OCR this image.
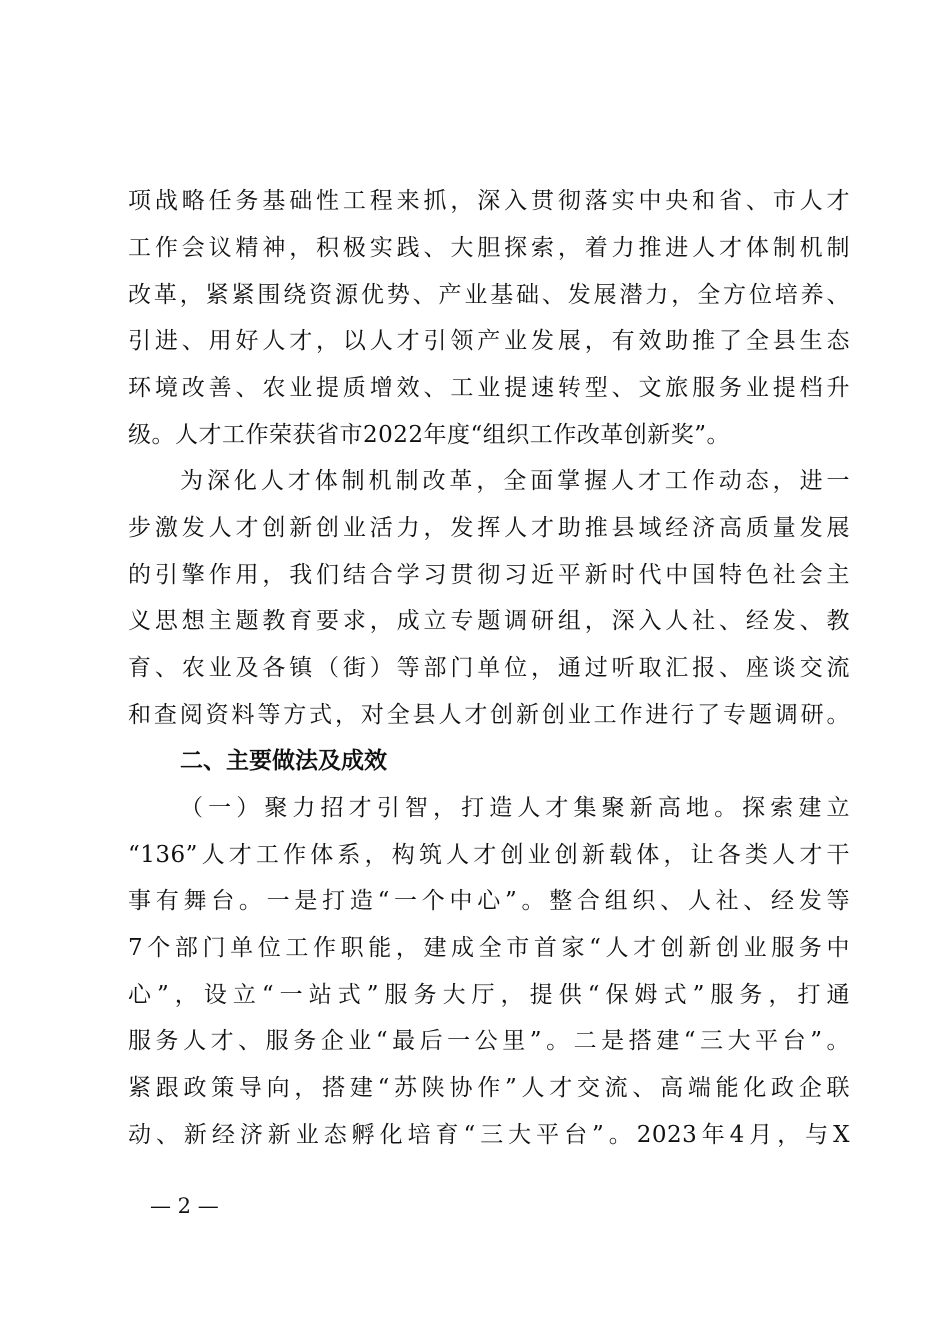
项战略任务基础性工程来抓，深入贯彻落实中央和省、市人才
工作会议精神，积极实践、大胆探索，着力推进人才体制机制
改革，紧紧围绕资源优势、产业基础、发展潜力，全方位培养、
引进、用好人才，以人才引领产业发展，有效助推了全县生态
环境改善、农业提质增效、工业提速转型、文旅服务业提档升
级。人才工作荣获省市2022年度“组织工作改革创新奖”。
为深化人才体制机制改革，全面掌握人才工作动态，进一
步激发人才创新创业活力，发挥人才助推县域经济高质量发展
的引擎作用，我们结合学习贯彻习近平新时代中国特色社会主
义思想主题教育要求，成立专题调研组，深入人社、经发、教
育、农业及各镇（街）等部门单位，通过听取汇报、座谈交流
和查阅资料等方式，对全县人才创新创业工作进行了专题调研。
二、主要做法及成效
（一）聚力招才引智，打造人才集聚新高地。探索建立
“136”人才工作体系，构筑人才创业创新载体，让各类人才干
事有舞台。一是打造“一个中心”。整合组织、人社、经发等
7个部门单位工作职能，建成全市首家“人才创新创业服务中
心”，设立“一站式”服务大厅，提供“保姆式”服务，打通
服务人才、服务企业“最后一公里”。二是搭建“三大平台”。
紧跟政策导向，搭建“苏陕协作”人才交流、高端能化政企联
动、新经济新业态孵化培育“三大平台”。2023年4月，与X
— 2 —
